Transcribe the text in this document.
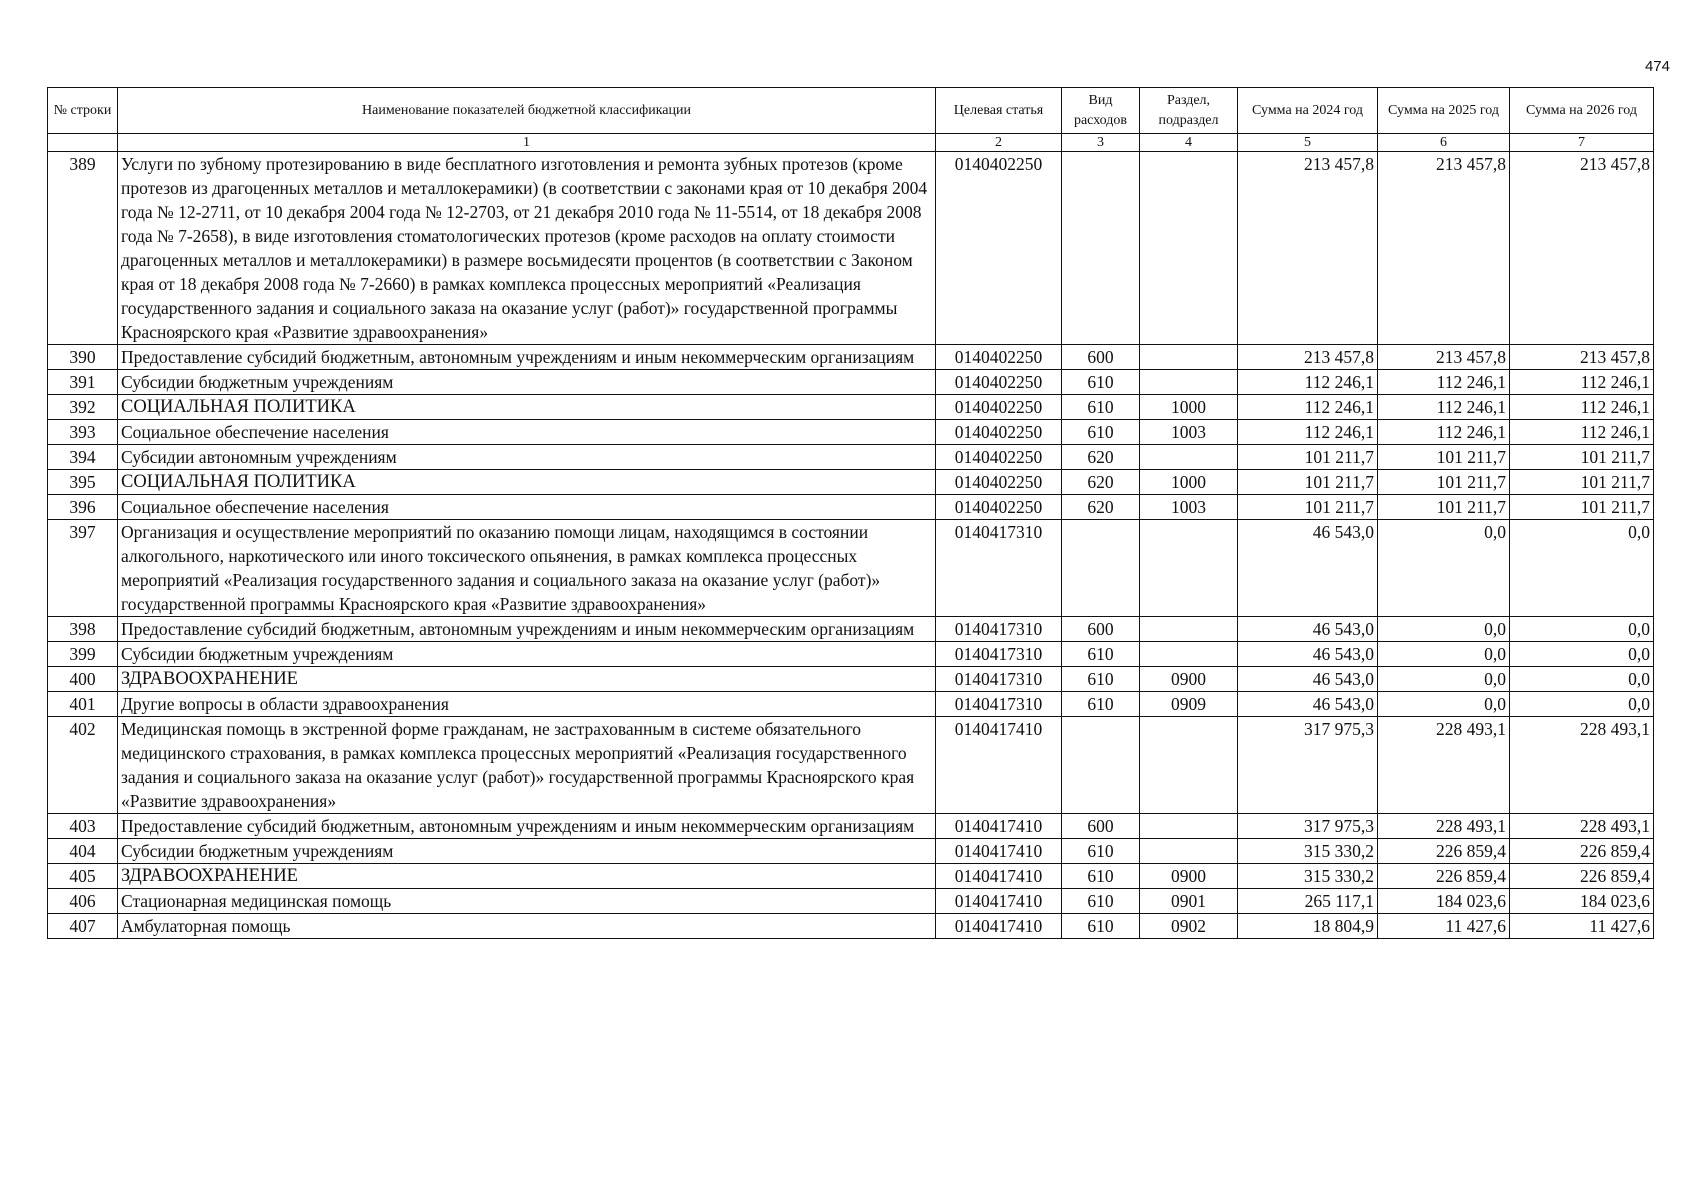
474
№ строки	Наименование показателей бюджетной классификации	Целевая статья	Вид расходов	Раздел, подраздел	Сумма на 2024 год	Сумма на 2025 год	Сумма на 2026 год
	1	2	3	4	5	6	7
389	Услуги по зубному протезированию в виде бесплатного изготовления и ремонта зубных протезов (кроме протезов из драгоценных металлов и металлокерамики) (в соответствии с законами края от 10 декабря 2004 года № 12-2711, от 10 декабря 2004 года № 12-2703, от 21 декабря 2010 года № 11-5514, от 18 декабря 2008 года № 7-2658), в виде изготовления стоматологических протезов (кроме расходов на оплату стоимости драгоценных металлов и металлокерамики) в размере восьмидесяти процентов (в соответствии с Законом края от 18 декабря 2008 года № 7-2660) в рамках комплекса процессных мероприятий «Реализация государственного задания и социального заказа на оказание услуг (работ)» государственной программы Красноярского края «Развитие здравоохранения»	0140402250			213 457,8	213 457,8	213 457,8
390	Предоставление субсидий бюджетным, автономным учреждениям и иным некоммерческим организациям	0140402250	600		213 457,8	213 457,8	213 457,8
391	Субсидии бюджетным учреждениям	0140402250	610		112 246,1	112 246,1	112 246,1
392	СОЦИАЛЬНАЯ ПОЛИТИКА	0140402250	610	1000	112 246,1	112 246,1	112 246,1
393	Социальное обеспечение населения	0140402250	610	1003	112 246,1	112 246,1	112 246,1
394	Субсидии автономным учреждениям	0140402250	620		101 211,7	101 211,7	101 211,7
395	СОЦИАЛЬНАЯ ПОЛИТИКА	0140402250	620	1000	101 211,7	101 211,7	101 211,7
396	Социальное обеспечение населения	0140402250	620	1003	101 211,7	101 211,7	101 211,7
397	Организация и осуществление мероприятий по оказанию помощи лицам, находящимся в состоянии алкогольного, наркотического или иного токсического опьянения, в рамках комплекса процессных мероприятий «Реализация государственного задания и социального заказа на оказание услуг (работ)» государственной программы Красноярского края «Развитие здравоохранения»	0140417310			46 543,0	0,0	0,0
398	Предоставление субсидий бюджетным, автономным учреждениям и иным некоммерческим организациям	0140417310	600		46 543,0	0,0	0,0
399	Субсидии бюджетным учреждениям	0140417310	610		46 543,0	0,0	0,0
400	ЗДРАВООХРАНЕНИЕ	0140417310	610	0900	46 543,0	0,0	0,0
401	Другие вопросы в области здравоохранения	0140417310	610	0909	46 543,0	0,0	0,0
402	Медицинская помощь в экстренной форме гражданам, не застрахованным в системе обязательного медицинского страхования, в рамках комплекса процессных мероприятий «Реализация государственного задания и социального заказа на оказание услуг (работ)» государственной программы Красноярского края «Развитие здравоохранения»	0140417410			317 975,3	228 493,1	228 493,1
403	Предоставление субсидий бюджетным, автономным учреждениям и иным некоммерческим организациям	0140417410	600		317 975,3	228 493,1	228 493,1
404	Субсидии бюджетным учреждениям	0140417410	610		315 330,2	226 859,4	226 859,4
405	ЗДРАВООХРАНЕНИЕ	0140417410	610	0900	315 330,2	226 859,4	226 859,4
406	Стационарная медицинская помощь	0140417410	610	0901	265 117,1	184 023,6	184 023,6
407	Амбулаторная помощь	0140417410	610	0902	18 804,9	11 427,6	11 427,6
